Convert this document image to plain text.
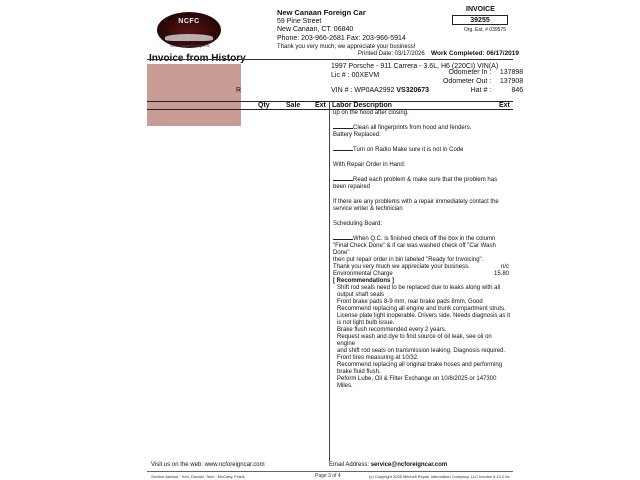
NCFC
New Canaan Foreign Car
New Canaan Foreign Car
59 Pine Street
New Canaan, CT. 06840
Phone: 203-966-2681 Fax: 203-966-5914
Thank you very much, we appreciate your business!
INVOICE
39255
Org. Est. # 039575
Printed Date: 03/17/2026 Work Completed: 06/17/2019
R
1997 Porsche - 911 Carrera - 3.6L, H6 (220CI) VIN(A)
Lic # : 00XEVM	Odometer In : 137898
Odometer Out : 137908
Hat # :	846
VIN # : WP0AA2992 VS320673
Qty Sale Ext Labor Description	Ext

up on the hood after closing.

Clean all fingerprints from hood and fenders.

Battery Replaced:

Turn on Radio Make sure it is not in Code

With Repair Order in Hand:

Read each problem & make sure that the problem has

been repaired

If there are any problems with a repair immediately contact the

service writer & technician

Scheduling Board:

When Q.C. is finished check off the box in the column

"Final Check Done" & if car was washed check off "Car Wash Done"

then put repair order in bin labeled "Ready for Invoicing".

Thank you very much we appreciate your business.	n/c

Environmental Charge	15.80

[ Recommendations ]

Shift rod seals need to be replaced due to leaks along with all

output shaft seals

Front brake pads 8-9 mm, rear brake pads 8mm, Good

Recommend replacing all engine and trunk compartment struts.

License plate light inoperable. Drivers side. Needs diagnosis as it

is not light bulb issue.

Brake flush recommended every 2 years.

Request wash and dye to find source of oil leak, see oil on engine

and shift rod seals on transmission leaking. Diagnosis required.

Front tires measuring at 10/32.

Recommend replacing all original brake hoses and performing

brake fluid flush.

Peform Lube, Oil & Filter Exchange on 10/8/2025 or 147300 Miles.

Visit us on the web: www.ncforeigncar.com	Email Address: service@ncforeigncar.com
Service Advisor : Kim, Donald, Tech : McCarty, Frank	Page 3 of 4	(c) Copyright 2026 Mitchell Repair Information Company, LLC Invoice 5.13.2.5e
